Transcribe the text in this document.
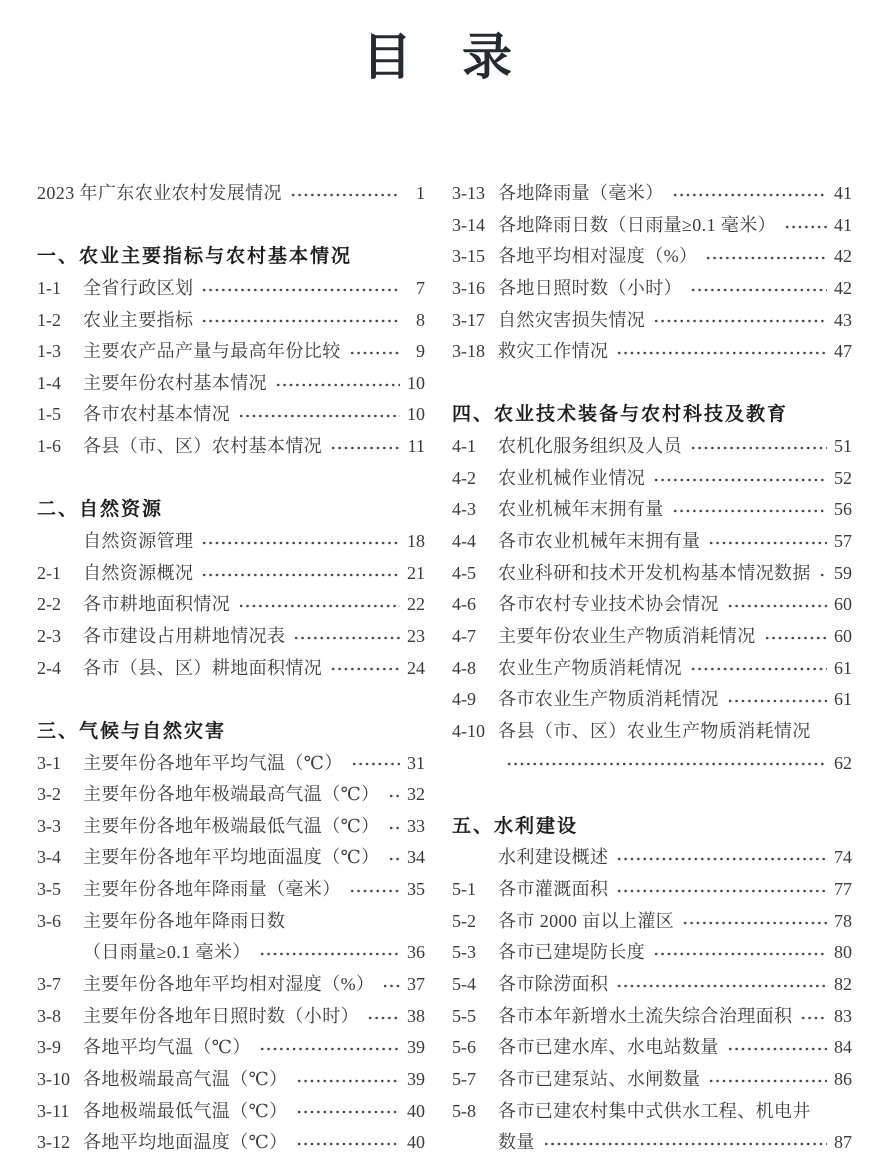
目　录
2023 年广东农业农村发展情况	1
一、农业主要指标与农村基本情况
1-1	全省行政区划	7
1-2	农业主要指标	8
1-3	主要农产品产量与最高年份比较	9
1-4	主要年份农村基本情况	10
1-5	各市农村基本情况	10
1-6	各县（市、区）农村基本情况	11
二、自然资源
自然资源管理	18
2-1	自然资源概况	21
2-2	各市耕地面积情况	22
2-3	各市建设占用耕地情况表	23
2-4	各市（县、区）耕地面积情况	24
三、气候与自然灾害
3-1	主要年份各地年平均气温（℃）	31
3-2	主要年份各地年极端最高气温（℃） 32
3-3	主要年份各地年极端最低气温（℃） 33
3-4	主要年份各地年平均地面温度（℃） 34
3-5	主要年份各地年降雨量（毫米）	35
3-6	主要年份各地年降雨日数
（日雨量≥0.1 毫米）	36
3-7	主要年份各地年平均相对湿度（%） 37
3-8	主要年份各地年日照时数（小时）	38
3-9	各地平均气温（℃）	39
3-10 各地极端最高气温（℃）	39
3-11 各地极端最低气温（℃）	40
3-12 各地平均地面温度（℃）	40
3-13 各地降雨量（毫米）	41
3-14 各地降雨日数（日雨量≥0.1 毫米）	41
3-15 各地平均相对湿度（%）	42
3-16 各地日照时数（小时）	42
3-17 自然灾害损失情况	43
3-18 救灾工作情况	47
四、农业技术装备与农村科技及教育
4-1	农机化服务组织及人员	51
4-2	农业机械作业情况	52
4-3	农业机械年末拥有量	56
4-4	各市农业机械年末拥有量	57
4-5	农业科研和技术开发机构基本情况数据 59
4-6	各市农村专业技术协会情况	60
4-7	主要年份农业生产物质消耗情况	60
4-8	农业生产物质消耗情况	61
4-9	各市农业生产物质消耗情况	61
4-10 各县（市、区）农业生产物质消耗情况
62
五、水利建设
水利建设概述	74
5-1	各市灌溉面积	77
5-2	各市 2000 亩以上灌区	78
5-3	各市已建堤防长度	80
5-4	各市除涝面积	82
5-5	各市本年新增水土流失综合治理面积 83
5-6	各市已建水库、水电站数量	84
5-7	各市已建泵站、水闸数量	86
5-8	各市已建农村集中式供水工程、机电井
数量	87
